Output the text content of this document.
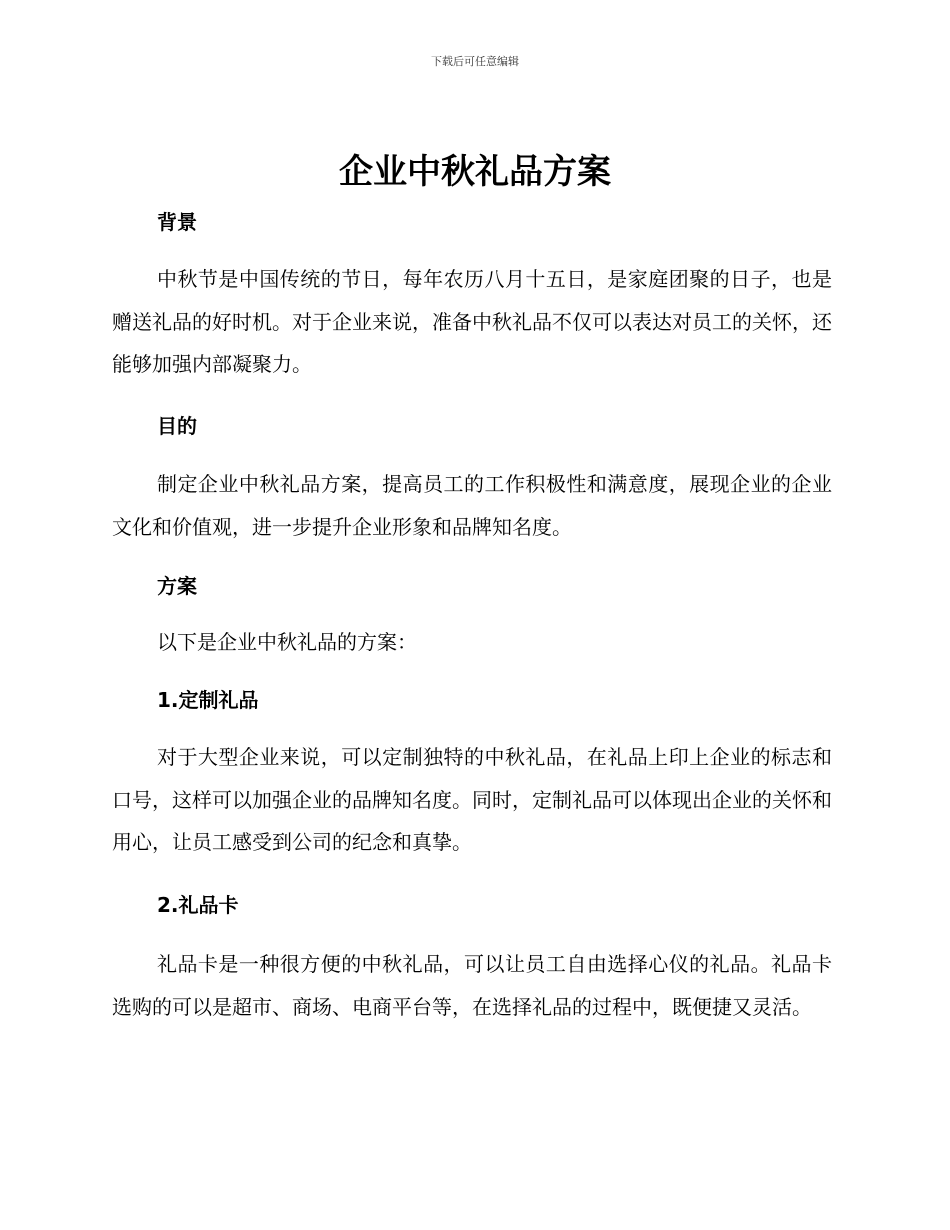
下载后可任意编辑
企业中秋礼品方案
背景
中秋节是中国传统的节日，每年农历八月十五日，是家庭团聚的日子，也是赠送礼品的好时机。对于企业来说，准备中秋礼品不仅可以表达对员工的关怀，还能够加强内部凝聚力。
目的
制定企业中秋礼品方案，提高员工的工作积极性和满意度，展现企业的企业文化和价值观，进一步提升企业形象和品牌知名度。
方案
以下是企业中秋礼品的方案：
1.定制礼品
对于大型企业来说，可以定制独特的中秋礼品，在礼品上印上企业的标志和口号，这样可以加强企业的品牌知名度。同时，定制礼品可以体现出企业的关怀和用心，让员工感受到公司的纪念和真挚。
2.礼品卡
礼品卡是一种很方便的中秋礼品，可以让员工自由选择心仪的礼品。礼品卡选购的可以是超市、商场、电商平台等，在选择礼品的过程中，既便捷又灵活。
